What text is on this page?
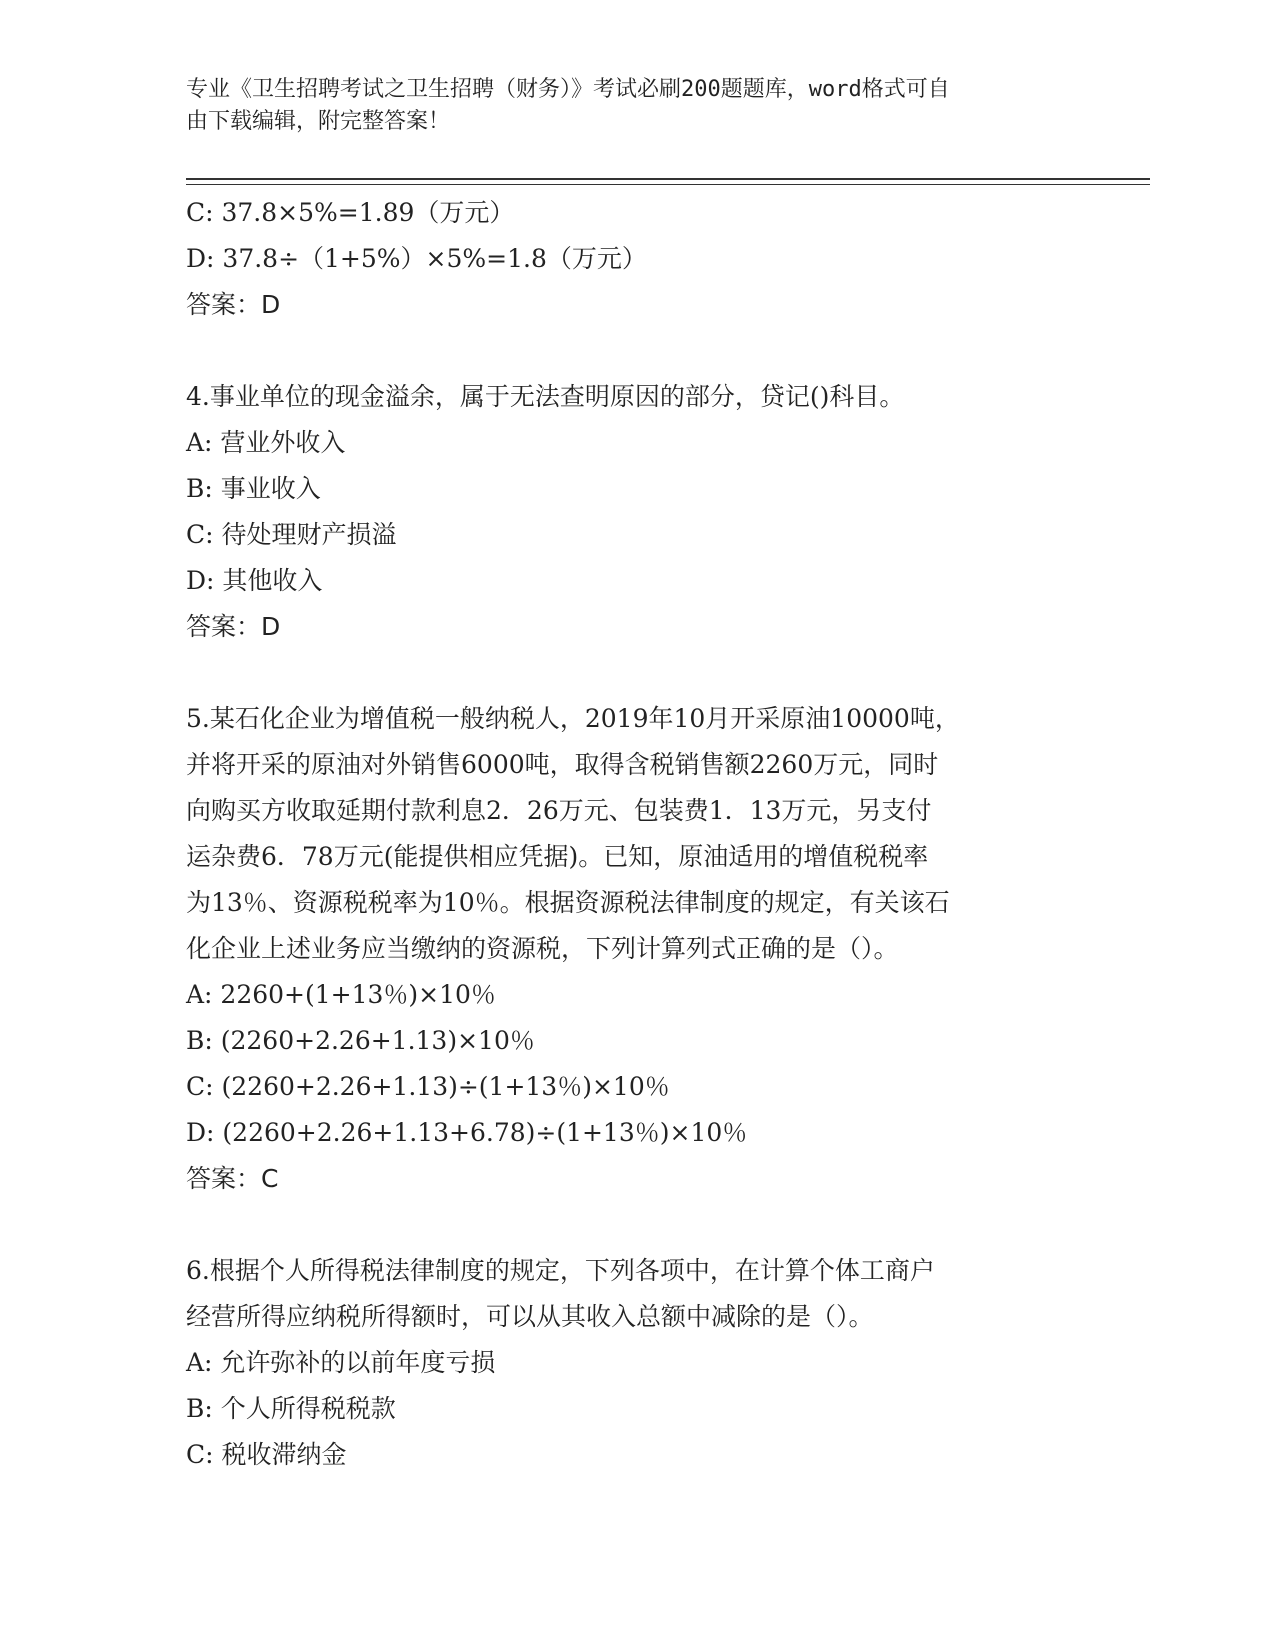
专业《卫生招聘考试之卫生招聘（财务）》考试必刷200题题库，word格式可自
由下载编辑，附完整答案！
C: 37.8×5%=1.89（万元）
D: 37.8÷（1+5%）×5%=1.8（万元）
答案：D
4.事业单位的现金溢余，属于无法查明原因的部分，贷记()科目。
A: 营业外收入
B: 事业收入
C: 待处理财产损溢
D: 其他收入
答案：D
5.某石化企业为增值税一般纳税人，2019年10月开采原油10000吨，
并将开采的原油对外销售6000吨，取得含税销售额2260万元，同时
向购买方收取延期付款利息2．26万元、包装费1．13万元，另支付
运杂费6．78万元(能提供相应凭据)。已知，原油适用的增值税税率
为13％、资源税税率为10％。根据资源税法律制度的规定，有关该石
化企业上述业务应当缴纳的资源税，下列计算列式正确的是（）。
A: 2260+(1+13％)×10％
B: (2260+2.26+1.13)×10％
C: (2260+2.26+1.13)÷(1+13％)×10％
D: (2260+2.26+1.13+6.78)÷(1+13％)×10％
答案：C
6.根据个人所得税法律制度的规定，下列各项中，在计算个体工商户
经营所得应纳税所得额时，可以从其收入总额中减除的是（）。
A: 允许弥补的以前年度亏损
B: 个人所得税税款
C: 税收滞纳金
